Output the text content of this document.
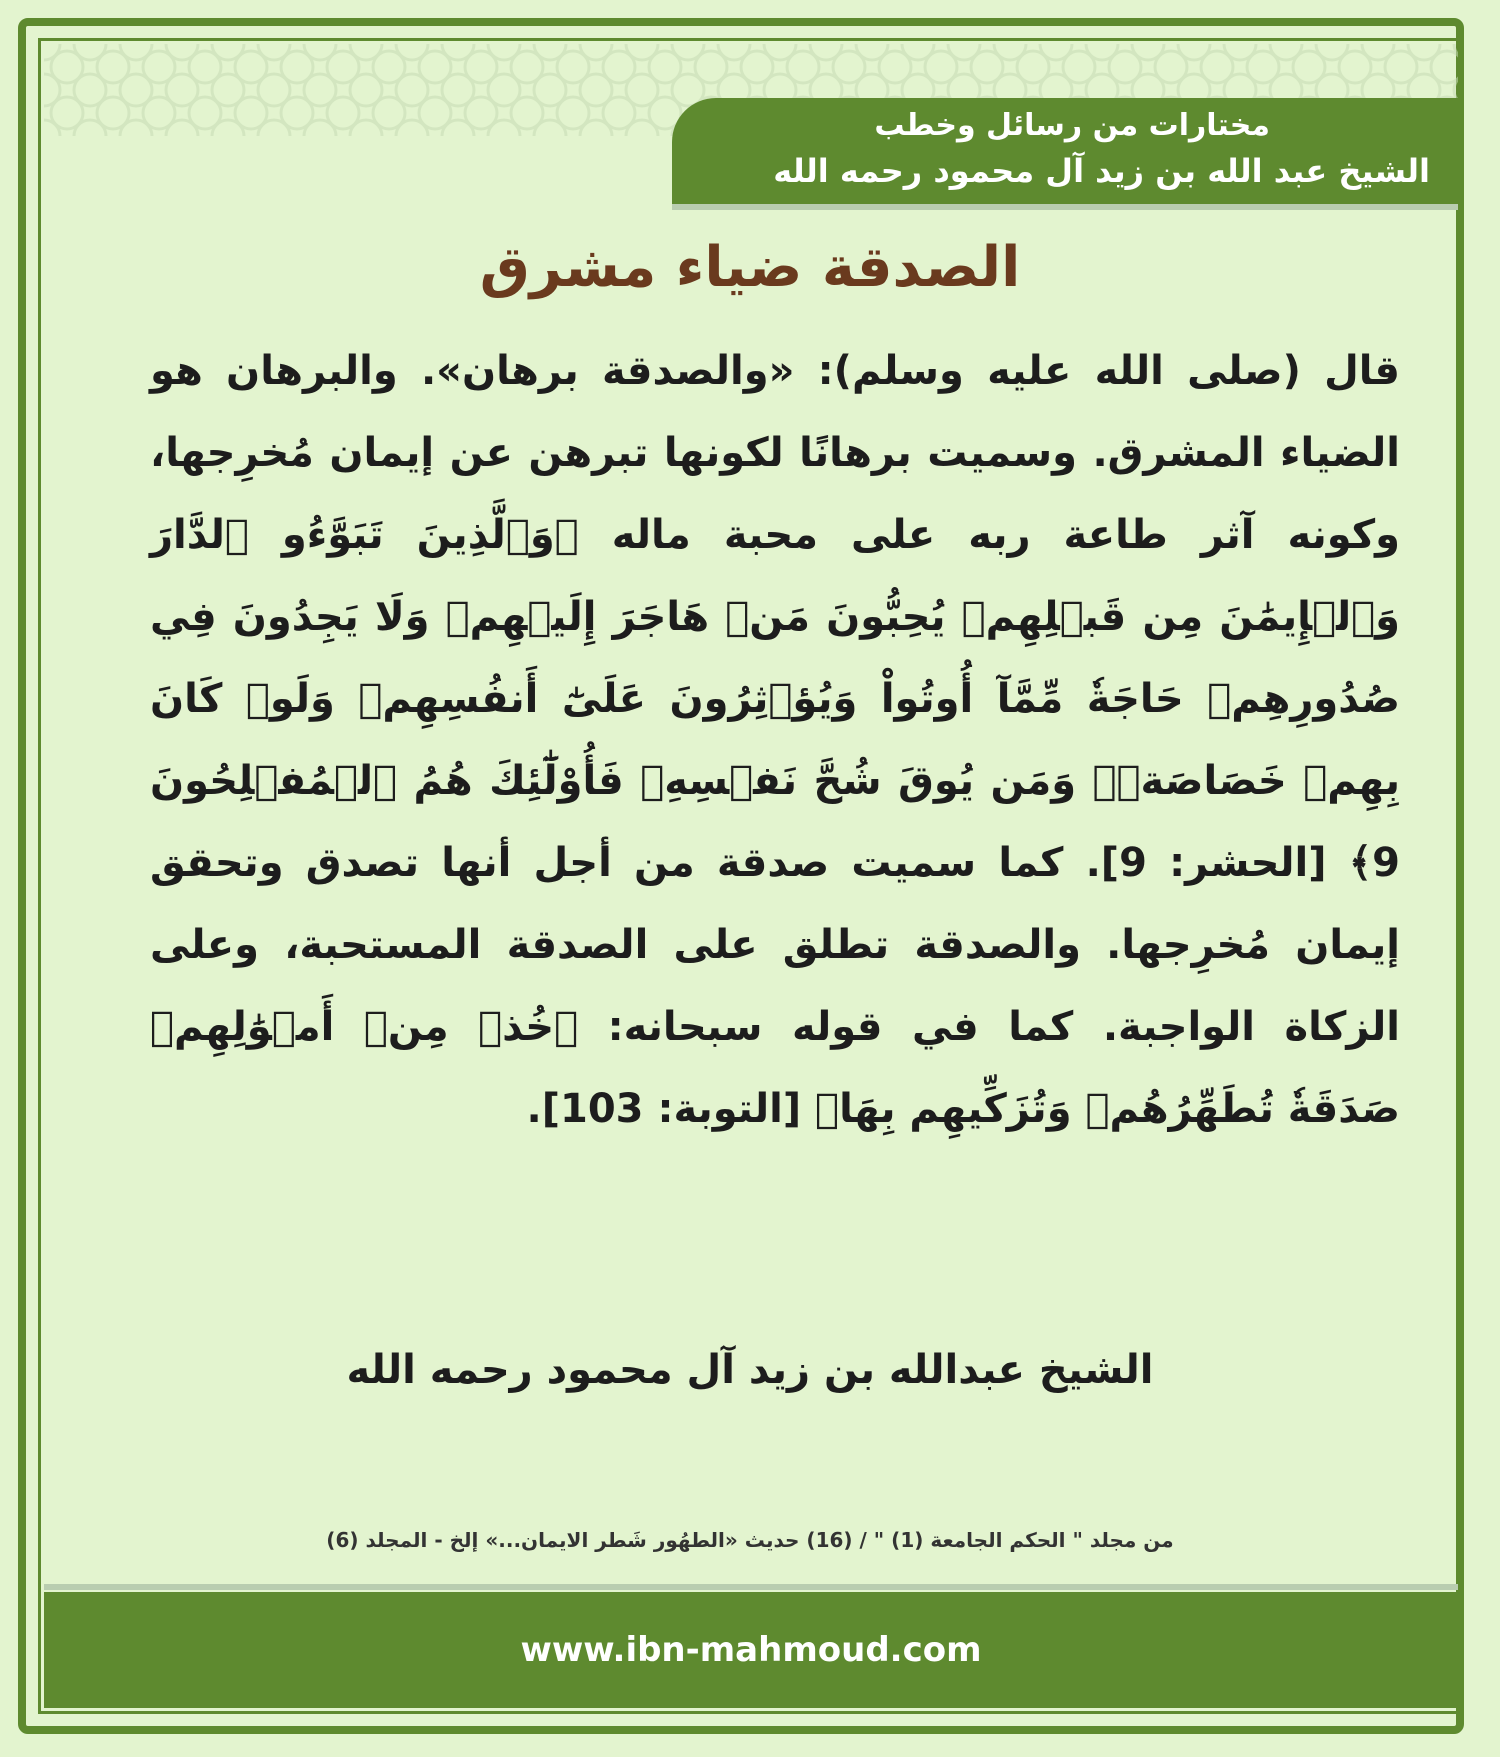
مختارات من رسائل وخطب
الشيخ عبد الله بن زيد آل محمود رحمه الله
الصدقة ضياء مشرق
قال (صلى الله عليه وسلم): «والصدقة برهان». والبرهان هو الضياء المشرق. وسميت برهانًا لكونها تبرهن عن إيمان مُخرِجها، وكونه آثر طاعة ربه على محبة ماله ﴿وَٱلَّذِينَ تَبَوَّءُو ٱلدَّارَ وَٱلۡإِيمَٰنَ مِن قَبۡلِهِمۡ يُحِبُّونَ مَنۡ هَاجَرَ إِلَيۡهِمۡ وَلَا يَجِدُونَ فِي صُدُورِهِمۡ حَاجَةٗ مِّمَّآ أُوتُواْ وَيُؤۡثِرُونَ عَلَىٰٓ أَنفُسِهِمۡ وَلَوۡ كَانَ بِهِمۡ خَصَاصَةٞۚ وَمَن يُوقَ شُحَّ نَفۡسِهِۦ فَأُوْلَٰٓئِكَ هُمُ ٱلۡمُفۡلِحُونَ 9﴾ [الحشر: 9]. كما سميت صدقة من أجل أنها تصدق وتحقق إيمان مُخرِجها. والصدقة تطلق على الصدقة المستحبة، وعلى الزكاة الواجبة. كما في قوله سبحانه: ﴿خُذۡ مِنۡ أَمۡوَٰلِهِمۡ صَدَقَةٗ تُطَهِّرُهُمۡ وَتُزَكِّيهِم بِهَا﴾ [التوبة: 103].
الشيخ عبدالله بن زيد آل محمود رحمه الله
من مجلد " الحكم الجامعة (1) " / (16) حديث «الطهُور شَطر الايمان...» إلخ - المجلد (6)
www.ibn-mahmoud.com
